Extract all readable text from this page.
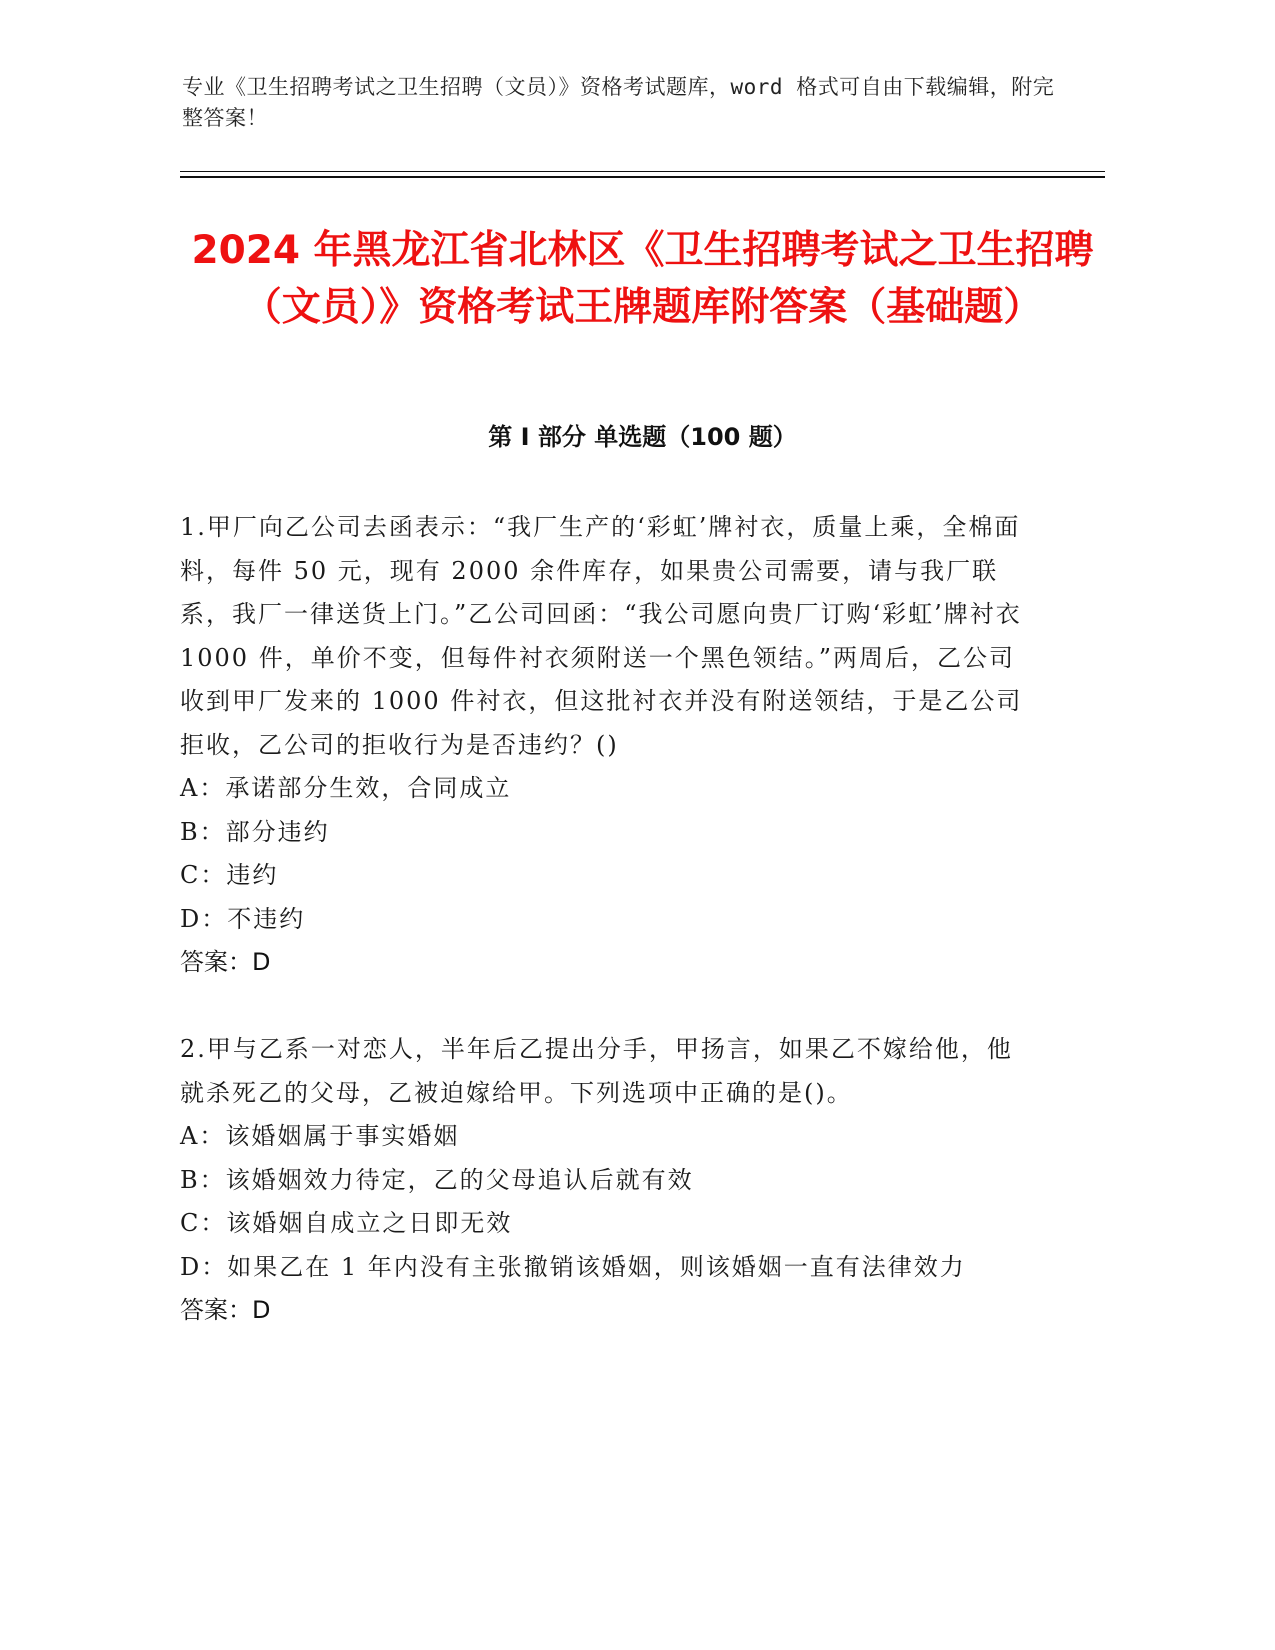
专业《卫生招聘考试之卫生招聘（文员）》资格考试题库，word 格式可自由下载编辑，附完整答案！
2024 年黑龙江省北林区《卫生招聘考试之卫生招聘（文员）》资格考试王牌题库附答案（基础题）
第 I 部分 单选题（100 题）

1.甲厂向乙公司去函表示：“我厂生产的‘彩虹’牌衬衣，质量上乘，全棉面料，每件 50 元，现有 2000 余件库存，如果贵公司需要，请与我厂联系，我厂一律送货上门。”乙公司回函：“我公司愿向贵厂订购‘彩虹’牌衬衣 1000 件，单价不变，但每件衬衣须附送一个黑色领结。”两周后，乙公司收到甲厂发来的 1000 件衬衣，但这批衬衣并没有附送领结，于是乙公司拒收，乙公司的拒收行为是否违约？()

A：承诺部分生效，合同成立

B：部分违约

C：违约

D：不违约

答案：D

2.甲与乙系一对恋人，半年后乙提出分手，甲扬言，如果乙不嫁给他，他就杀死乙的父母，乙被迫嫁给甲。下列选项中正确的是()。

A：该婚姻属于事实婚姻

B：该婚姻效力待定，乙的父母追认后就有效

C：该婚姻自成立之日即无效

D：如果乙在 1 年内没有主张撤销该婚姻，则该婚姻一直有法律效力

答案：D
